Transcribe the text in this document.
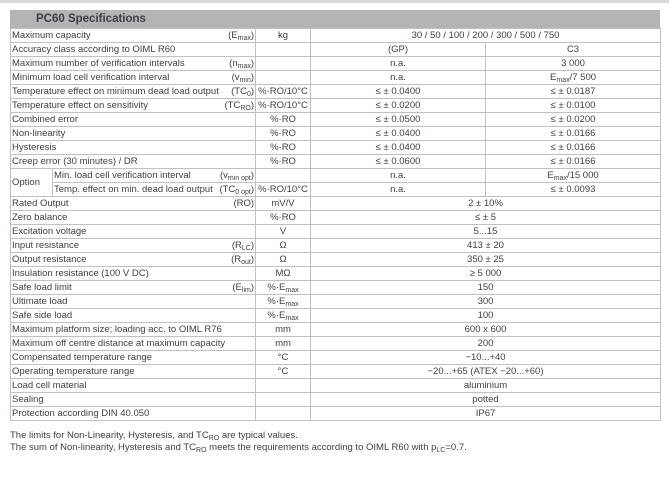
PC60 Specifications
Maximum capacity $(E_{max})$		kg	30 / 50 / 100 / 200 / 300 / 500 / 750	
Accuracy class according to OIML R60			(GP)	C3
Maximum number of verification intervals $(n_{max})$			n.a.	3 000
Minimum load cell verification interval $(v_{min})$			n.a.	$E_{max}/7$ 500
Temperature effect on minimum dead load output $(TC_0)$		%·RO/10°C	≤ ± 0.0400	≤ ± 0.0187
Temperature effect on sensitivity $(TC_{RO})$		%·RO/10°C	≤ ± 0.0200	≤ ± 0.0100
Combined error		%·RO	≤ ± 0.0500	≤ ± 0.0200
Non-linearity		%·RO	≤ ± 0.0400	≤ ± 0.0166
Hysteresis		%·RO	≤ ± 0.0400	≤ ± 0.0166
Creep error (30 minutes) / DR		%·RO	≤ ± 0.0600	≤ ± 0.0166
Option	Min. load cell verification interval $(v_{min opt})$		n.a.	$E_{max}/15$ 000
	Temp. effect on min. dead load output $(TC_{0 opt})$	%·RO/10°C	n.a.	≤ ± 0.0093
Rated Output (RO)		mV/V	2 ± 10%	
Zero balance		%·RO	≤ ± 5	
Excitation voltage		V	5...15	
Input resistance $(R_{LC})$		Ω	413 ± 20	
Output resistance $(R_{out})$		Ω	350 ± 25	
Insulation resistance (100 V DC)		MΩ	≥ 5 000	
Safe load limit $(E_{lim})$		$\%\cdot E_{max}$	150	
Ultimate load		$\%\cdot E_{max}$	300	
Safe side load		$\%\cdot E_{max}$	100	
Maximum platform size; loading acc. to OIML R76		mm	600 x 600	
Maximum off centre distance at maximum capacity		mm	200	
Compensated temperature range		°C	−10...+40	
Operating temperature range		°C	−20...+65 (ATEX −20...+60)	
Load cell material			aluminium	
Sealing			potted	
Protection according DIN 40.050			IP67	
The limits for Non-Linearity, Hysteresis, and $TC_{RO}$ are typical values.
The sum of Non-linearity, Hysteresis and $TC_{RO}$ meets the requirements according to OIML R60 with $p_{LC}=0.7$.
